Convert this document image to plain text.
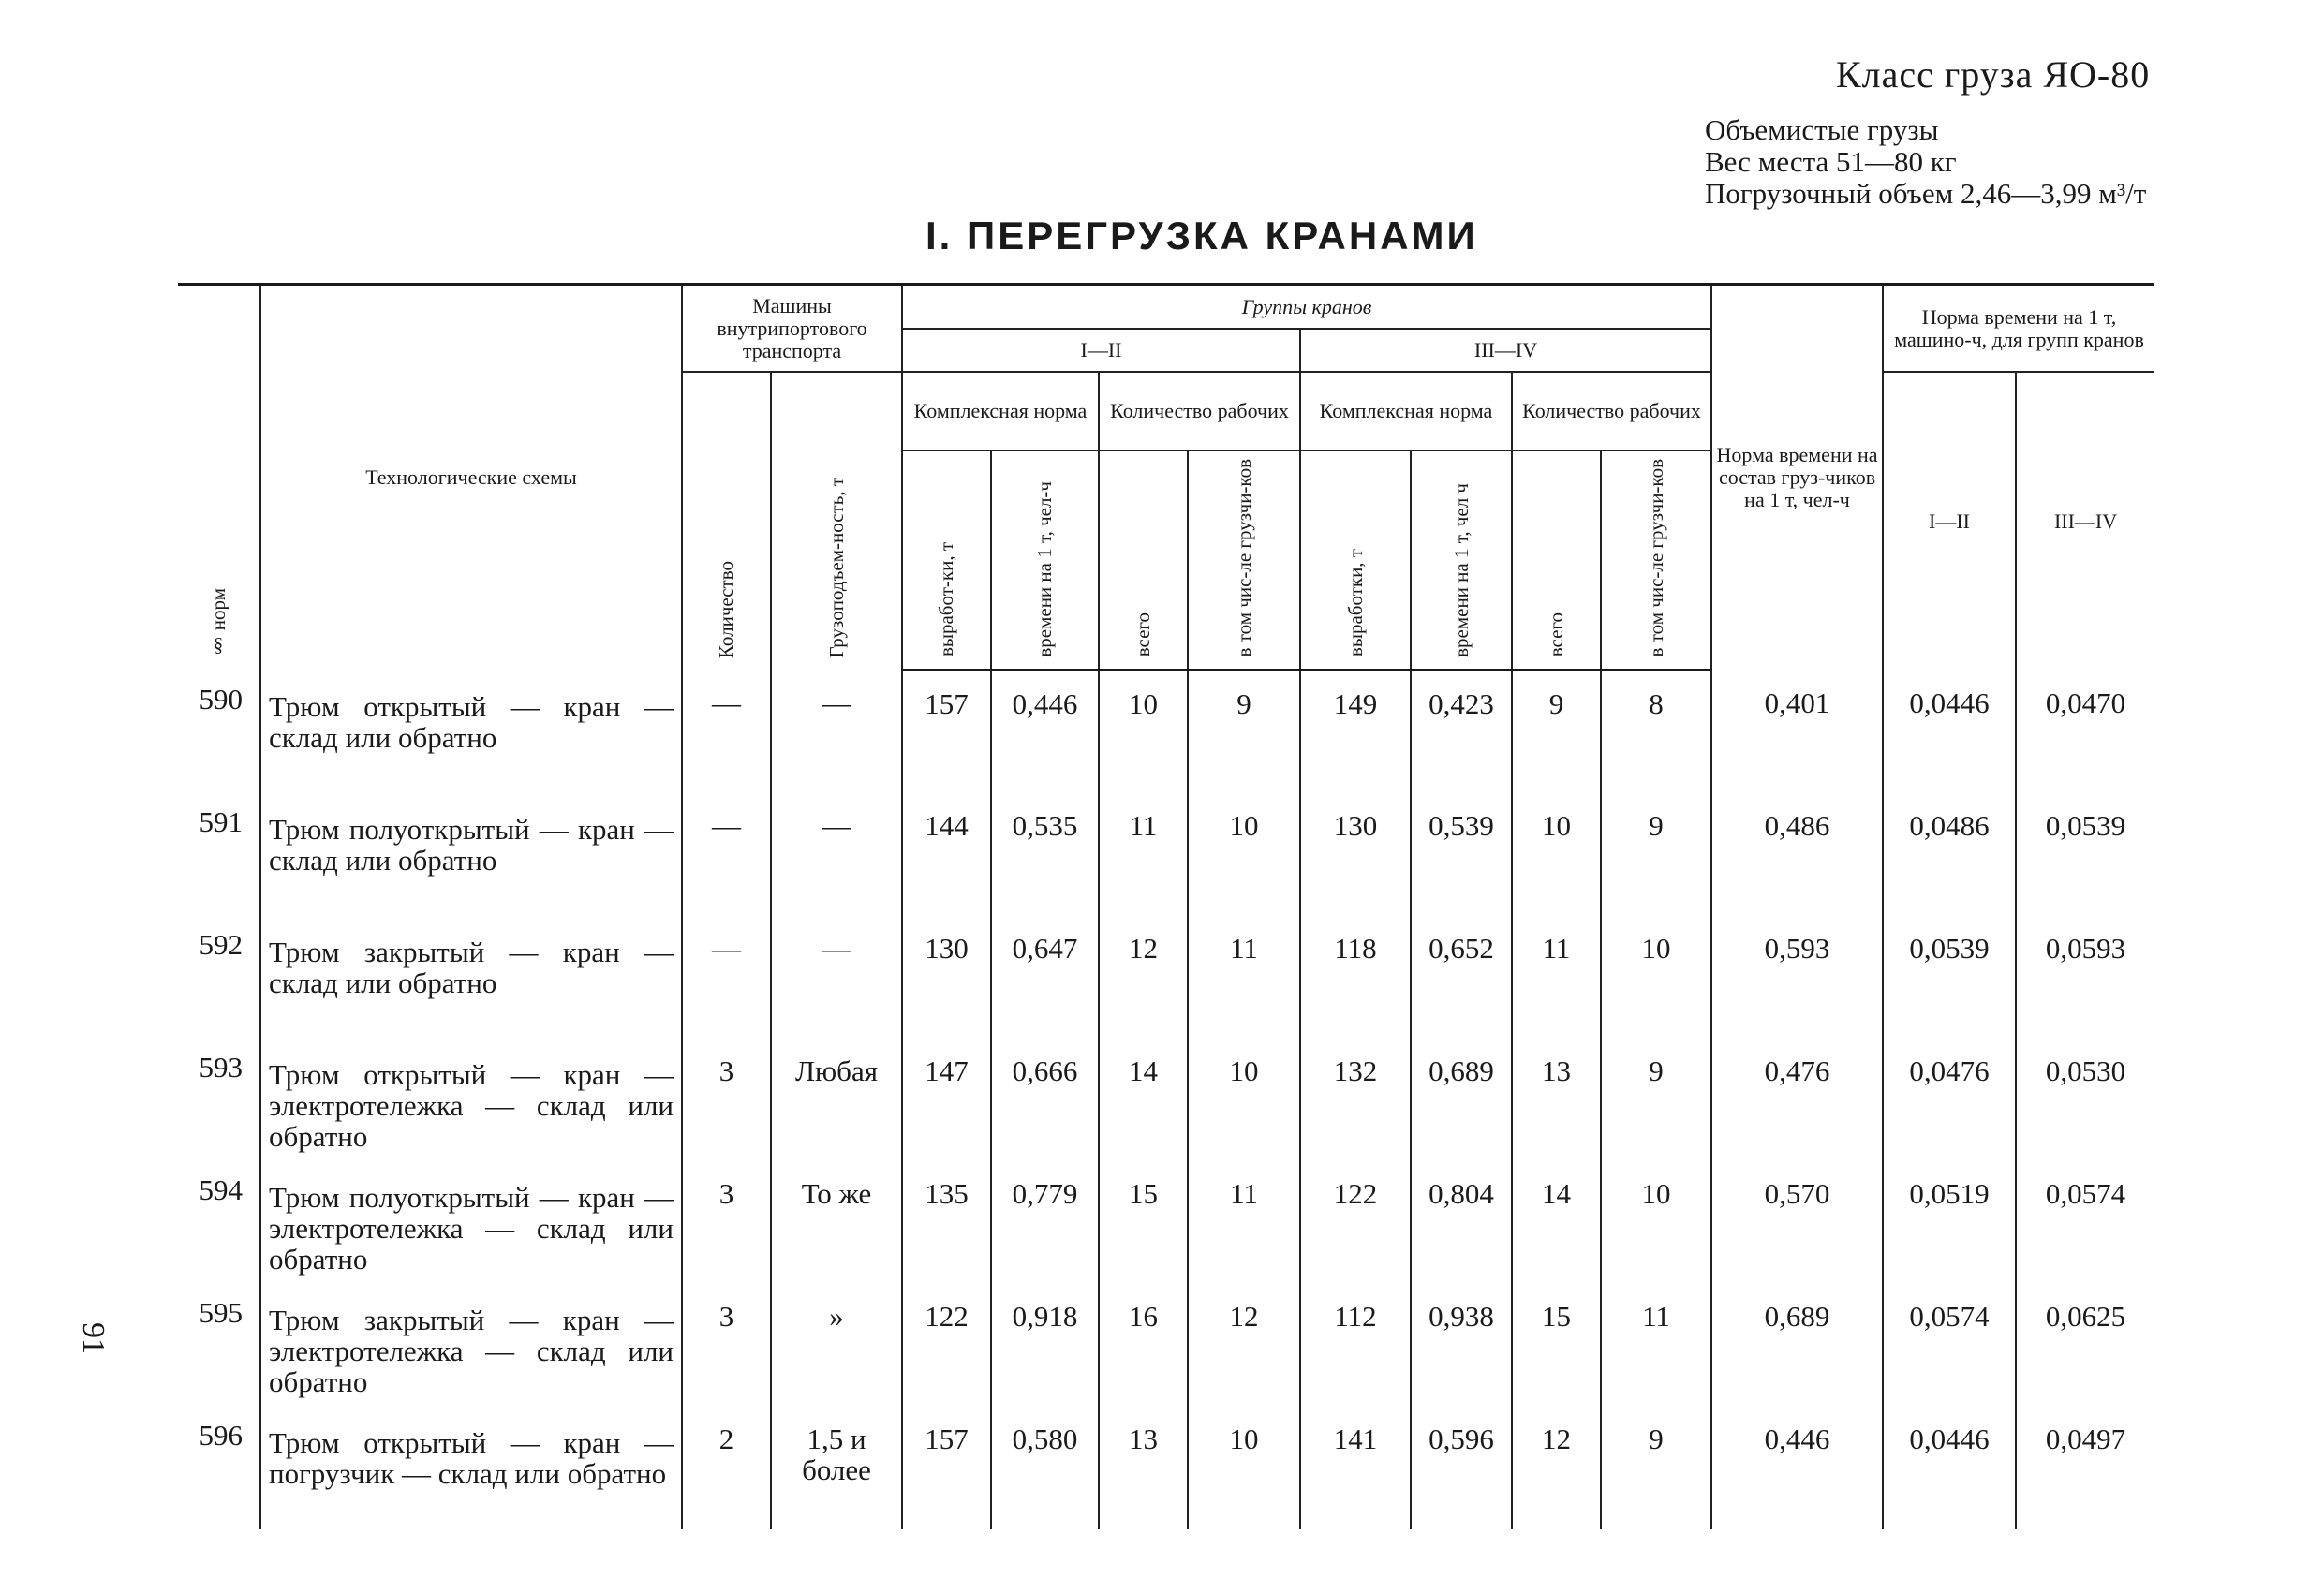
Класс груза ЯО-80
Объемистые грузы
Вес места 51—80 кг
Погрузочный объем 2,46—3,99 м³/т
I. ПЕРЕГРУЗКА КРАНАМИ
§ норм	Технологические схемы	Машины внутрипортового транспорта		Группы кранов								Норма времени на состав груз-чиков на 1 т, чел-ч	Норма времени на 1 т, машино-ч, для групп кранов	
				I—II				III—IV						
		Количество	Грузоподъем-ность, т	Комплексная норма		Количество рабочих		Комплексная норма		Количество рабочих			I—II	III—IV
				выработ-ки, т	времени на 1 т, чел-ч	всего	в том чис-ле грузчи-ков	выработки, т	времени на 1 т, чел ч	всего	в том чис-ле грузчи-ков			
590	Трюм открытый — кран — склад или обратно	—	—	157	0,446	10	9	149	0,423	9	8	0,401	0,0446	0,0470
591	Трюм полуоткрытый — кран — склад или обратно	—	—	144	0,535	11	10	130	0,539	10	9	0,486	0,0486	0,0539
592	Трюм закрытый — кран — склад или обратно	—	—	130	0,647	12	11	118	0,652	11	10	0,593	0,0539	0,0593
593	Трюм открытый — кран — электротележка — склад или обратно	3	Любая	147	0,666	14	10	132	0,689	13	9	0,476	0,0476	0,0530
594	Трюм полуоткрытый — кран — электротележка — склад или обратно	3	То же	135	0,779	15	11	122	0,804	14	10	0,570	0,0519	0,0574
595	Трюм закрытый — кран — электротележка — склад или обратно	3	»	122	0,918	16	12	112	0,938	15	11	0,689	0,0574	0,0625
596	Трюм открытый — кран — погрузчик — склад или обратно	2	1,5 и более	157	0,580	13	10	141	0,596	12	9	0,446	0,0446	0,0497
91
